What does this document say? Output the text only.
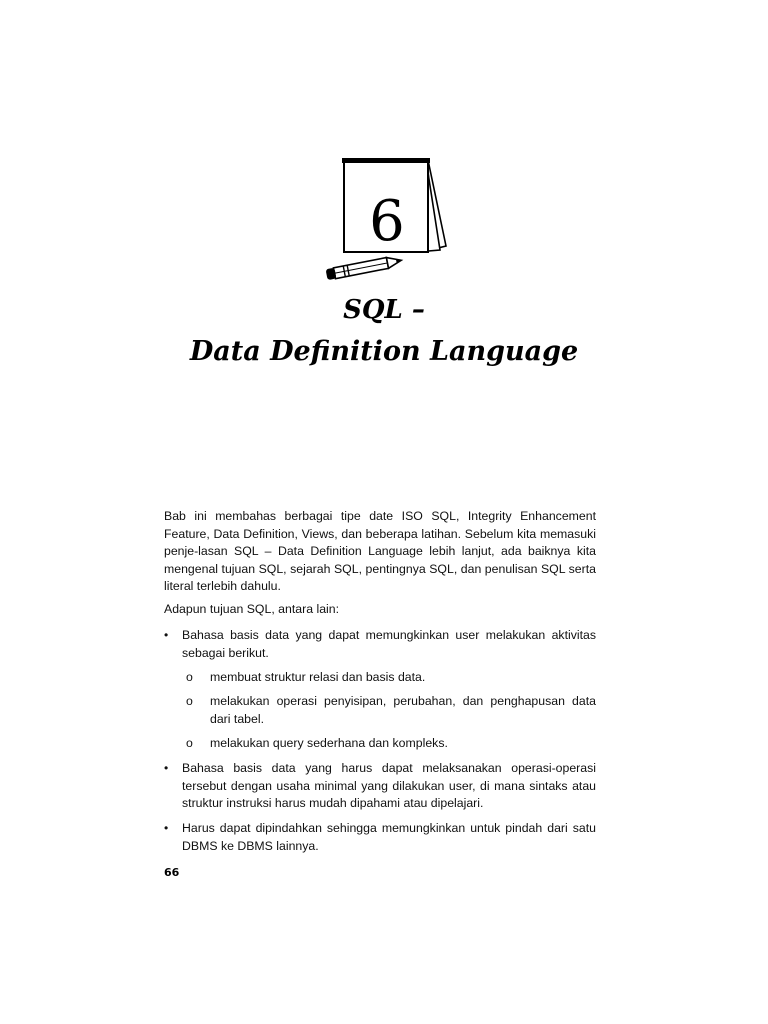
6
SQL –
Data Definition Language

Bab ini membahas berbagai tipe date ISO SQL, Integrity Enhancement Feature, Data Definition, Views, dan beberapa latihan. Sebelum kita memasuki penje-lasan SQL – Data Definition Language lebih lanjut, ada baiknya kita mengenal tujuan SQL, sejarah SQL, pentingnya SQL, dan penulisan SQL serta literal terlebih dahulu.

Adapun tujuan SQL, antara lain:

• Bahasa basis data yang dapat memungkinkan user melakukan aktivitas sebagai berikut.
o membuat struktur relasi dan basis data.
o melakukan operasi penyisipan, perubahan, dan penghapusan data dari tabel.
o melakukan query sederhana dan kompleks.
• Bahasa basis data yang harus dapat melaksanakan operasi-operasi tersebut dengan usaha minimal yang dilakukan user, di mana sintaks atau struktur instruksi harus mudah dipahami atau dipelajari.
• Harus dapat dipindahkan sehingga memungkinkan untuk pindah dari satu DBMS ke DBMS lainnya.
66
